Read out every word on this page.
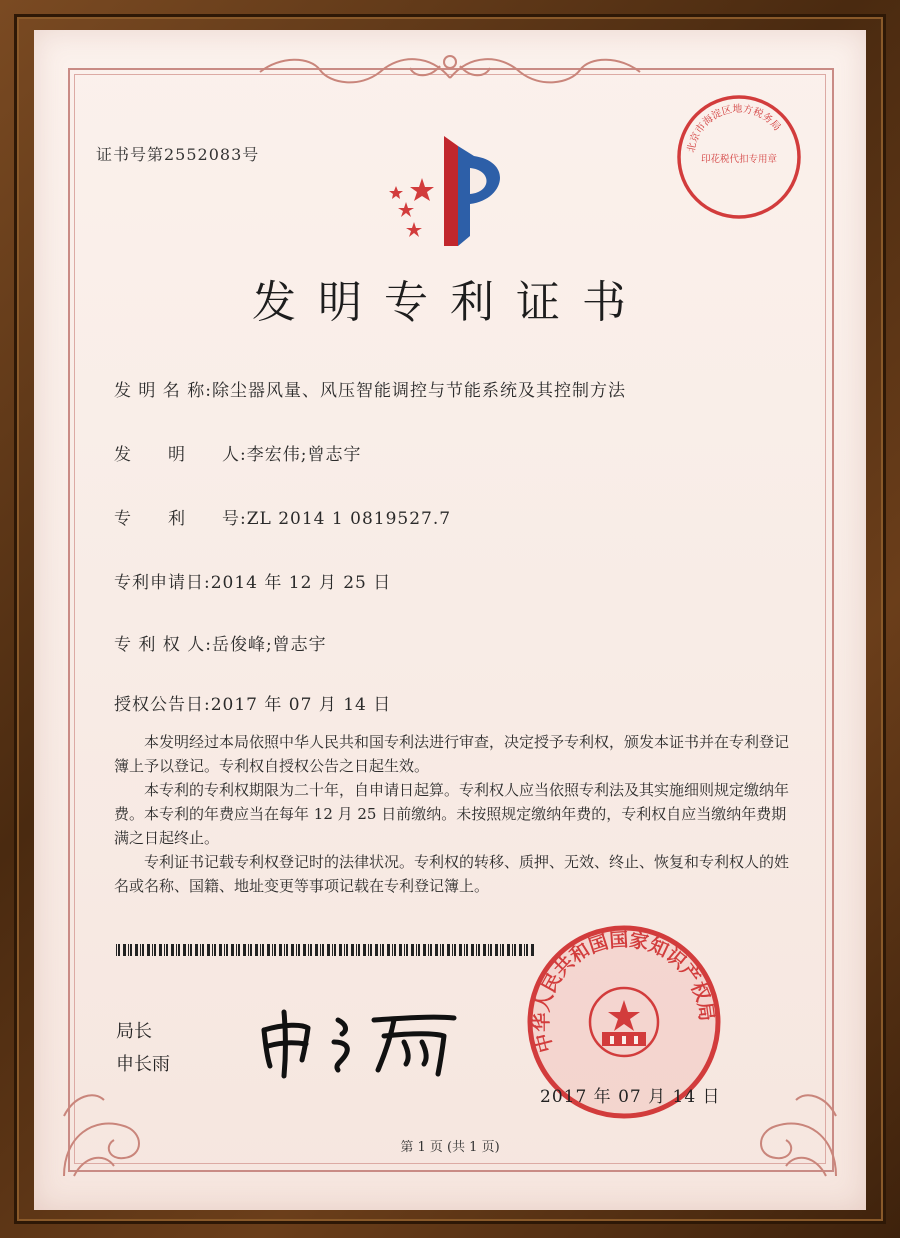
证书号第2552083号
发明专利证书
发 明 名 称:除尘器风量、风压智能调控与节能系统及其控制方法
发　　明　　人:李宏伟;曾志宇
专　　利　　号:ZL 2014 1 0819527.7
专利申请日:2014 年 12 月 25 日
专 利 权 人:岳俊峰;曾志宇
授权公告日:2017 年 07 月 14 日

本发明经过本局依照中华人民共和国专利法进行审查，决定授予专利权，颁发本证书并在专利登记簿上予以登记。专利权自授权公告之日起生效。

本专利的专利权期限为二十年，自申请日起算。专利权人应当依照专利法及其实施细则规定缴纳年费。本专利的年费应当在每年 12 月 25 日前缴纳。未按照规定缴纳年费的，专利权自应当缴纳年费期满之日起终止。

专利证书记载专利权登记时的法律状况。专利权的转移、质押、无效、终止、恢复和专利权人的姓名或名称、国籍、地址变更等事项记载在专利登记簿上。

局长
申长雨
北京市海淀区地方税务局
印花税代扣专用章
中华人民共和国国家知识产权局
2017 年 07 月 14 日
第 1 页 (共 1 页)
